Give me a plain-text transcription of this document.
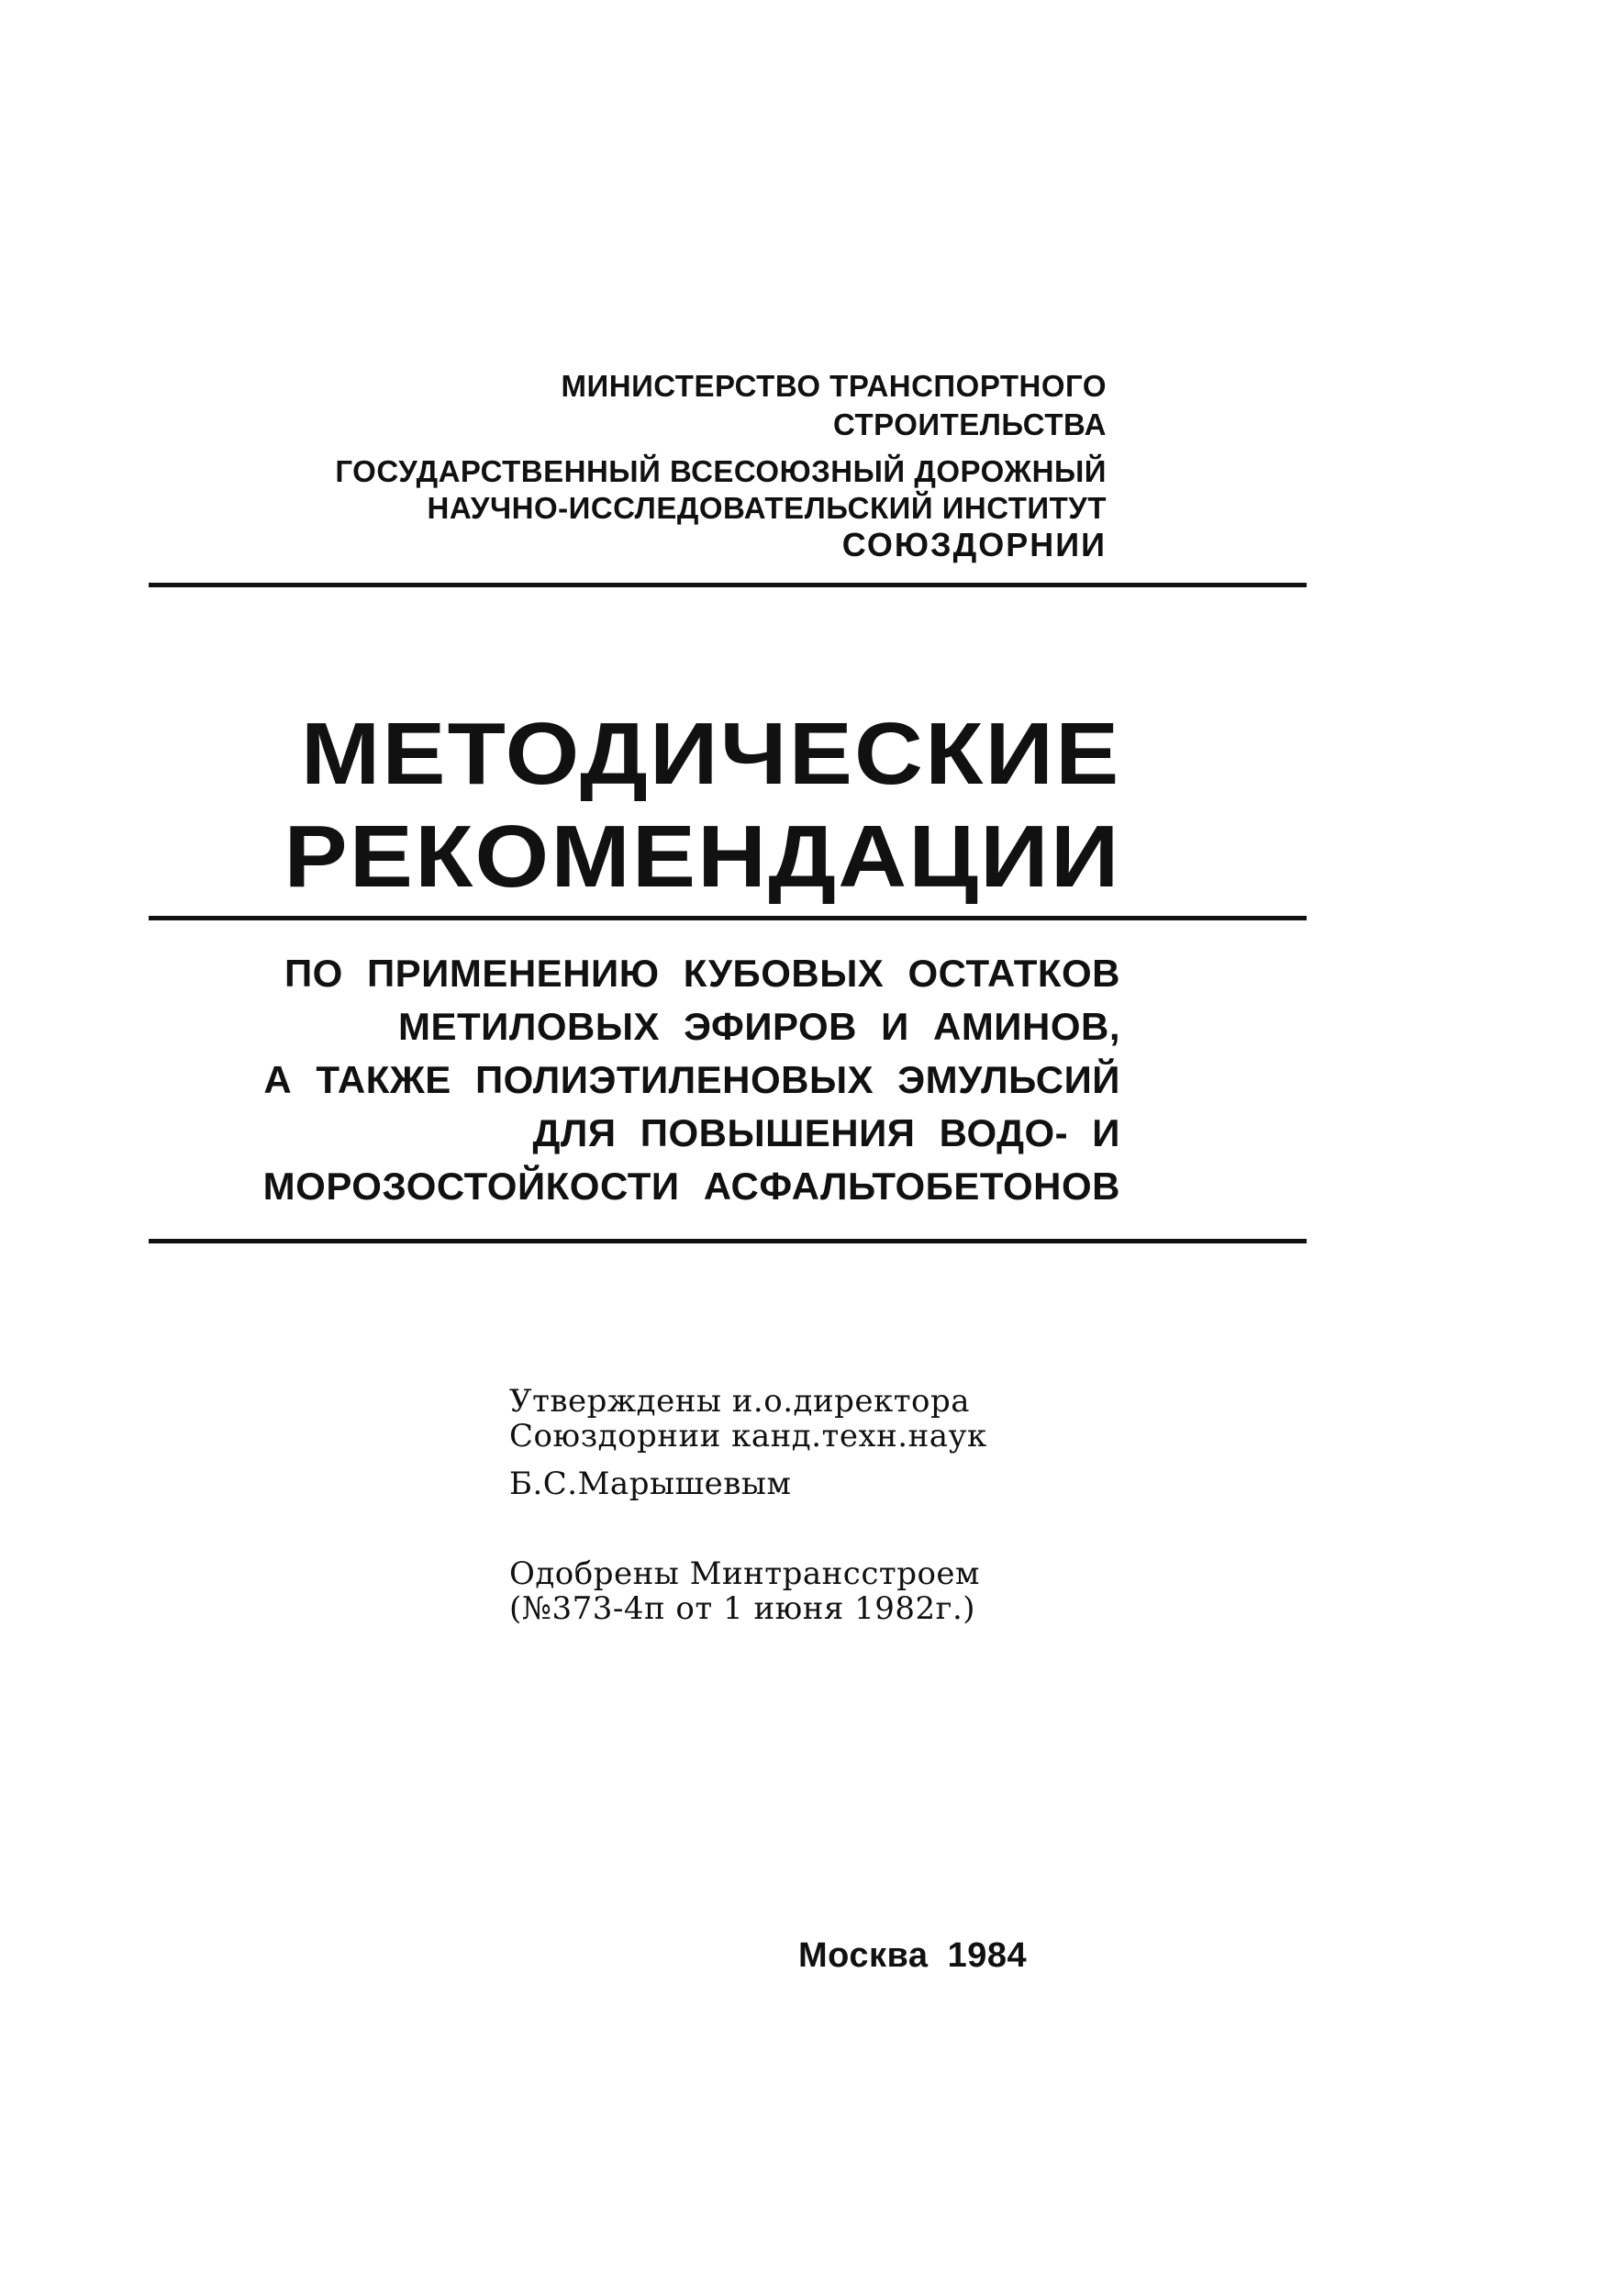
МИНИСТЕРСТВО ТРАНСПОРТНОГО
СТРОИТЕЛЬСТВА
ГОСУДАРСТВЕННЫЙ ВСЕСОЮЗНЫЙ ДОРОЖНЫЙ
НАУЧНО-ИССЛЕДОВАТЕЛЬСКИЙ ИНСТИТУТ
СОЮЗДОРНИИ
МЕТОДИЧЕСКИЕ
РЕКОМЕНДАЦИИ
ПО ПРИМЕНЕНИЮ КУБОВЫХ ОСТАТКОВ
МЕТИЛОВЫХ ЭФИРОВ И АМИНОВ,
А ТАКЖЕ ПОЛИЭТИЛЕНОВЫХ ЭМУЛЬСИЙ
ДЛЯ ПОВЫШЕНИЯ ВОДО- И
МОРОЗОСТОЙКОСТИ АСФАЛЬТОБЕТОНОВ
Утверждены и.о.директора
Союздорнии канд.техн.наук
Б.С.Марышевым
Одобрены Минтрансстроем
(№373-4п от 1 июня 1982г.)
Москва 1984
